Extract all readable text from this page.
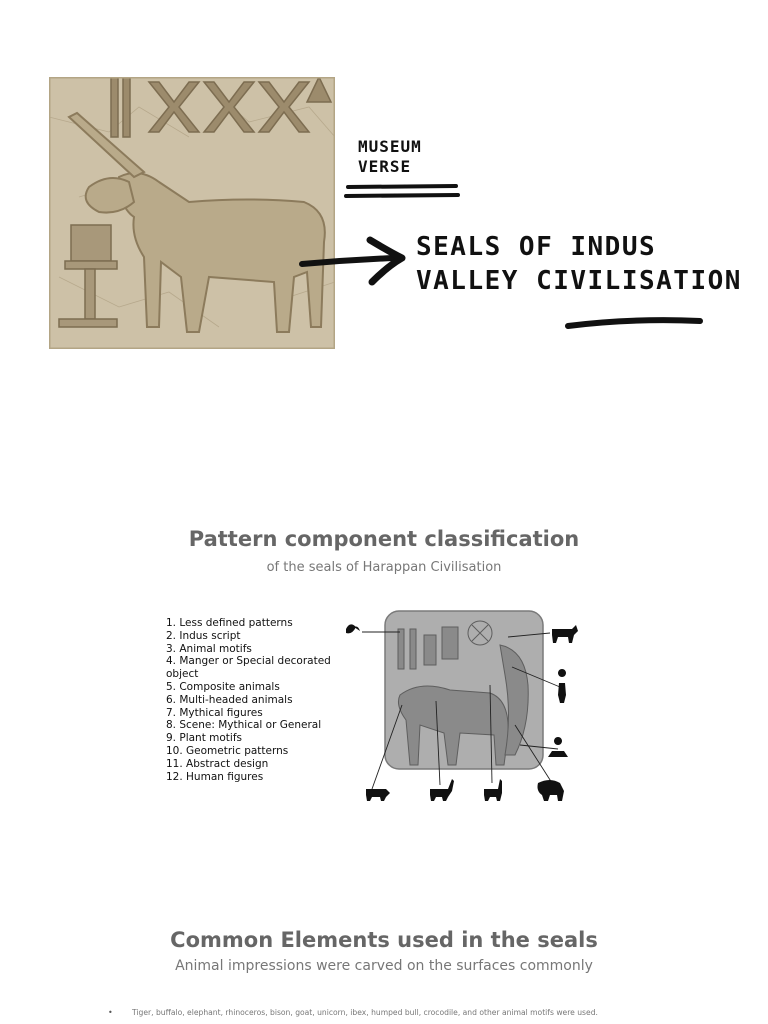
MUSEUM
VERSE
SEALS OF INDUS
VALLEY CIVILISATION
Pattern component classification

of the seals of Harappan Civilisation

1. Less defined patterns
2. Indus script
3. Animal motifs
4. Manger or Special decorated object
5. Composite animals
6. Multi-headed animals
7. Mythical figures
8. Scene: Mythical or General
9. Plant motifs
10. Geometric patterns
11. Abstract design
12. Human figures
Common Elements used in the seals

Animal impressions were carved on the surfaces commonly

• Tiger, buffalo, elephant, rhinoceros, bison, goat, unicorn, ibex, humped bull, crocodile, and other animal motifs were used.
